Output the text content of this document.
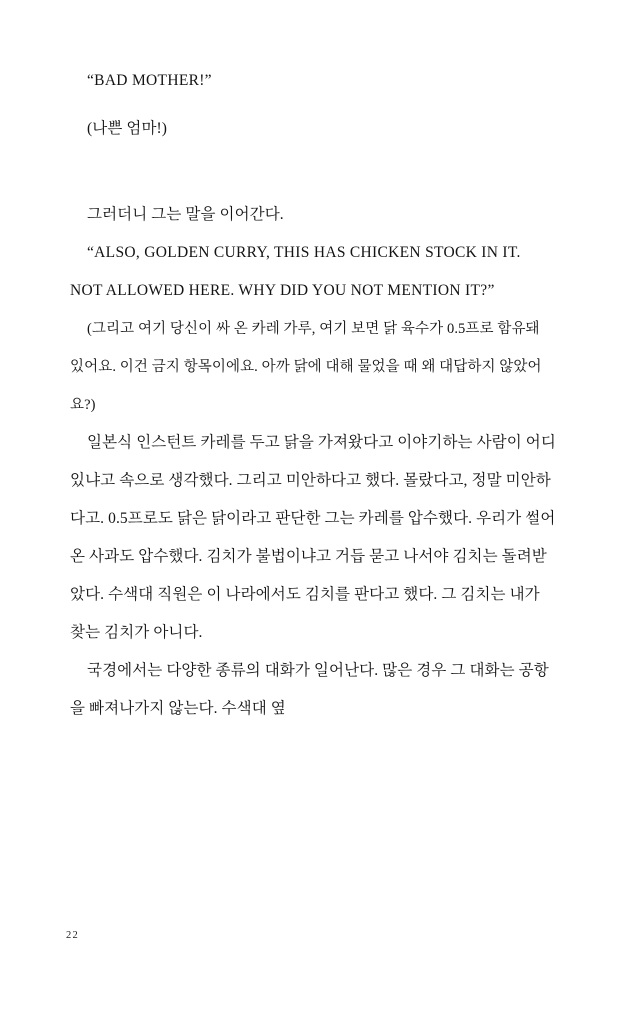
“BAD MOTHER!”

(나쁜 엄마!)

그러더니 그는 말을 이어간다.

“ALSO, GOLDEN CURRY, THIS HAS CHICKEN STOCK IN IT. NOT ALLOWED HERE. WHY DID YOU NOT MENTION IT?”

(그리고 여기 당신이 싸 온 카레 가루, 여기 보면 닭 육수가 0.5프로 함유돼 있어요. 이건 금지 항목이에요. 아까 닭에 대해 물었을 때 왜 대답하지 않았어요?)

일본식 인스턴트 카레를 두고 닭을 가져왔다고 이야기하는 사람이 어디 있냐고 속으로 생각했다. 그리고 미안하다고 했다. 몰랐다고, 정말 미안하다고. 0.5프로도 닭은 닭이라고 판단한 그는 카레를 압수했다. 우리가 썰어 온 사과도 압수했다. 김치가 불법이냐고 거듭 묻고 나서야 김치는 돌려받았다. 수색대 직원은 이 나라에서도 김치를 판다고 했다. 그 김치는 내가 찾는 김치가 아니다.

국경에서는 다양한 종류의 대화가 일어난다. 많은 경우 그 대화는 공항을 빠져나가지 않는다. 수색대 옆

22
